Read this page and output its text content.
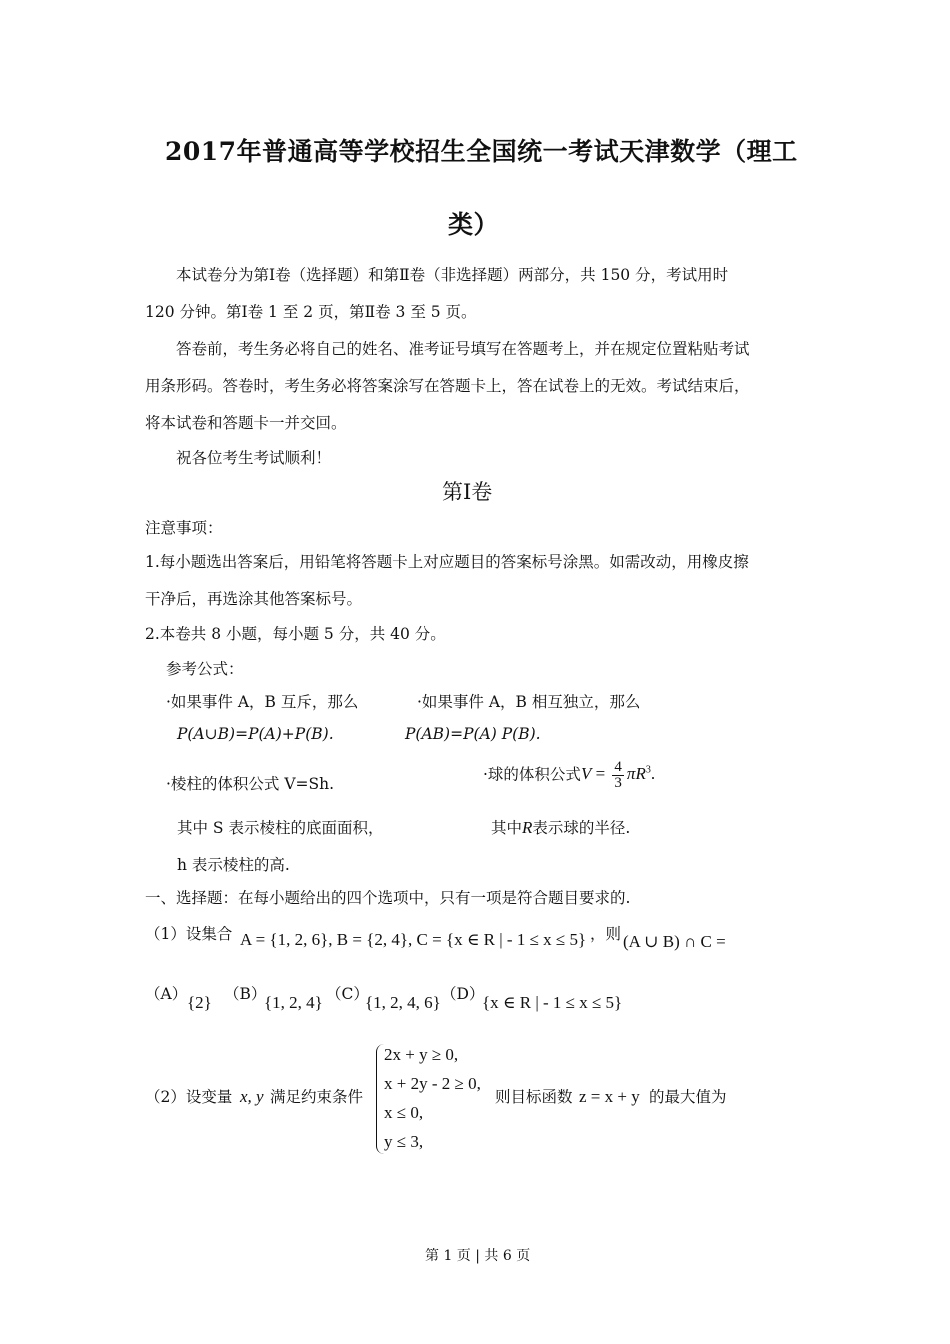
2017年普通高等学校招生全国统一考试天津数学（理工
类）
本试卷分为第Ⅰ卷（选择题）和第Ⅱ卷（非选择题）两部分，共 150 分，考试用时
120 分钟。第Ⅰ卷 1 至 2 页，第Ⅱ卷 3 至 5 页。
答卷前，考生务必将自己的姓名、准考证号填写在答题考上，并在规定位置粘贴考试
用条形码。答卷时，考生务必将答案涂写在答题卡上，答在试卷上的无效。考试结束后，
将本试卷和答题卡一并交回。
祝各位考生考试顺利！
第Ⅰ卷
注意事项：
1.每小题选出答案后，用铅笔将答题卡上对应题目的答案标号涂黑。如需改动，用橡皮擦
干净后，再选涂其他答案标号。
2.本卷共 8 小题，每小题 5 分，共 40 分。
参考公式：
·如果事件 A，B 互斥，那么
P(A∪B)=P(A)+P(B).
·如果事件 A，B 相互独立，那么
P(AB)=P(A) P(B).
·棱柱的体积公式 V=Sh.
·球的体积公式$V = \frac{4}{3} \pi R^3$.
其中 S 表示棱柱的底面面积，	其中R表示球的半径.
h 表示棱柱的高.
一、选择题：在每小题给出的四个选项中，只有一项是符合题目要求的.
（1）设集合 A = {1, 2, 6}, B = {2, 4}, C = {x ∈ R | - 1 ≤ x ≤ 5} ，则 (A ∪ B) ∩ C =
（A） {2} （B）
{1, 2, 4} （C）
{1, 2, 4, 6} （D）
{x ∈ R | - 1 ≤ x ≤ 5}
（2）设变量 x, y 满足约束条件
2x + y ≥ 0,
x + 2y - 2 ≥ 0,
x ≤ 0,
y ≤ 3,
则目标函数 z = x + y 的最大值为
第 1 页 | 共 6 页
